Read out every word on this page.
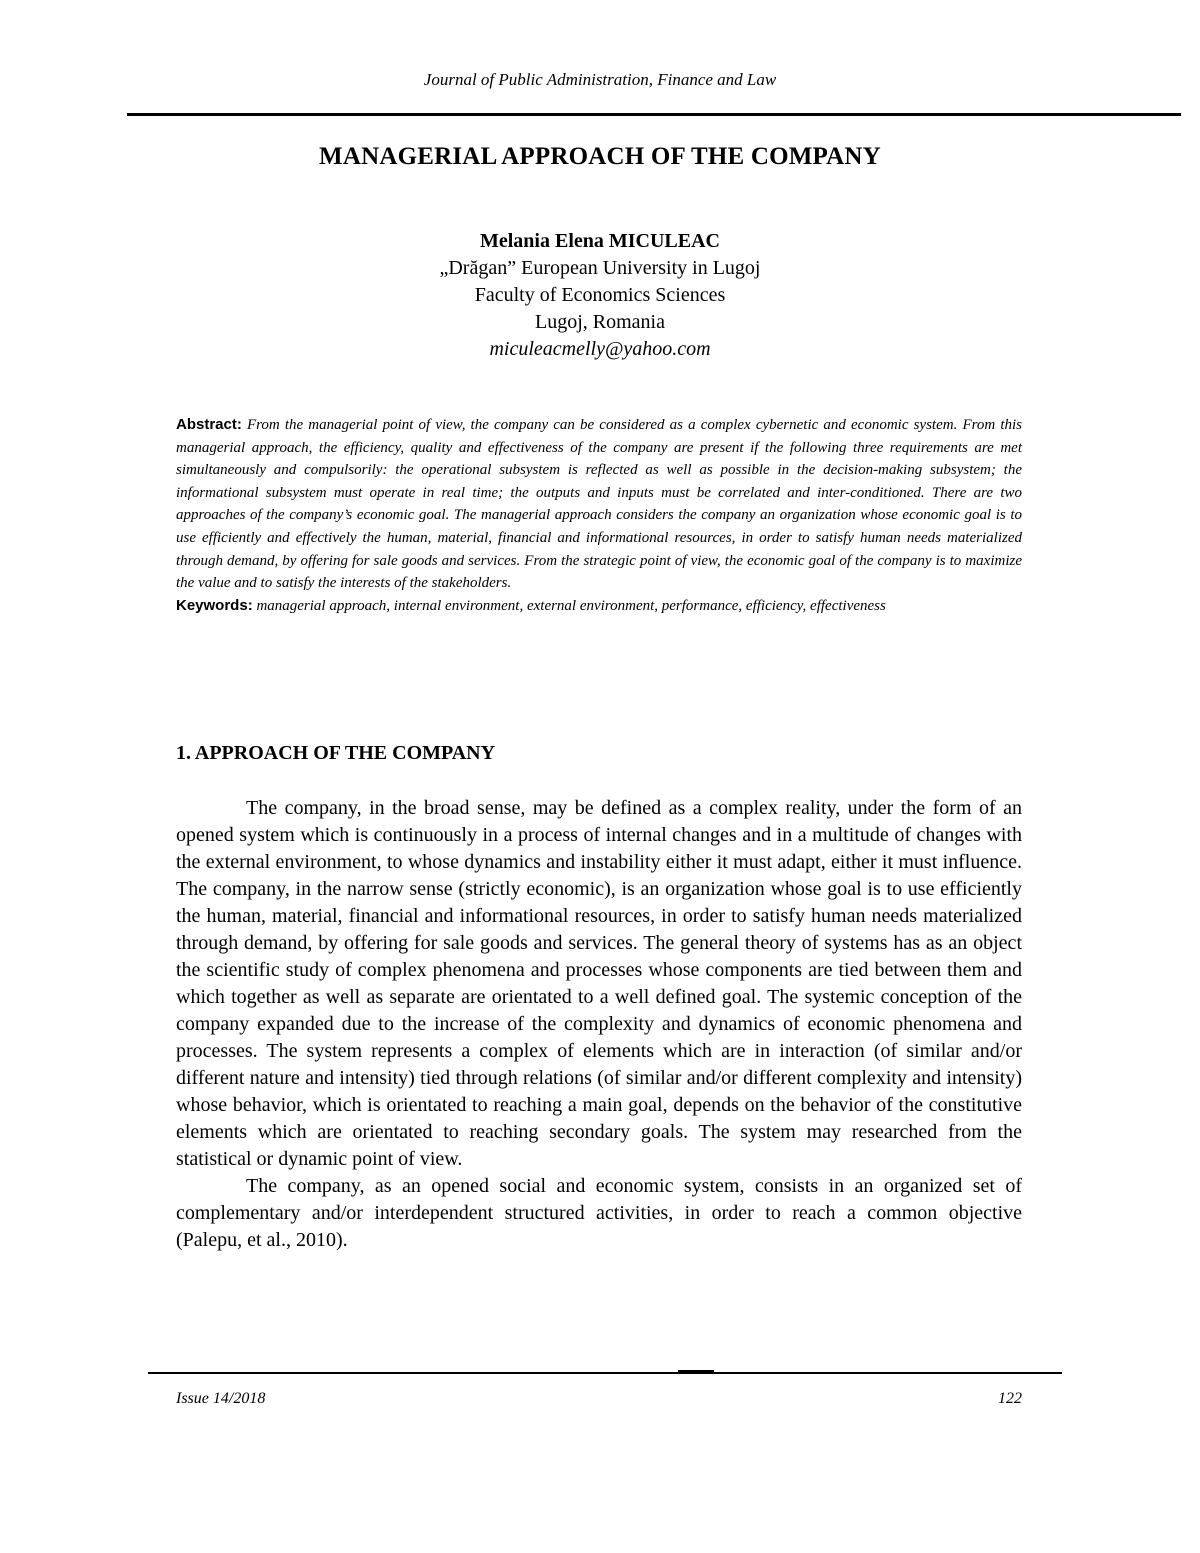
Journal of Public Administration, Finance and Law
MANAGERIAL APPROACH OF THE COMPANY
Melania Elena MICULEAC
„Drăgan” European University in Lugoj
Faculty of Economics Sciences
Lugoj, Romania
miculeacmelly@yahoo.com

Abstract: From the managerial point of view, the company can be considered as a complex cybernetic and economic system. From this managerial approach, the efficiency, quality and effectiveness of the company are present if the following three requirements are met simultaneously and compulsorily: the operational subsystem is reflected as well as possible in the decision-making subsystem; the informational subsystem must operate in real time; the outputs and inputs must be correlated and inter-conditioned. There are two approaches of the company’s economic goal. The managerial approach considers the company an organization whose economic goal is to use efficiently and effectively the human, material, financial and informational resources, in order to satisfy human needs materialized through demand, by offering for sale goods and services. From the strategic point of view, the economic goal of the company is to maximize the value and to satisfy the interests of the stakeholders.

Keywords: managerial approach, internal environment, external environment, performance, efficiency, effectiveness

1. APPROACH OF THE COMPANY

The company, in the broad sense, may be defined as a complex reality, under the form of an opened system which is continuously in a process of internal changes and in a multitude of changes with the external environment, to whose dynamics and instability either it must adapt, either it must influence. The company, in the narrow sense (strictly economic), is an organization whose goal is to use efficiently the human, material, financial and informational resources, in order to satisfy human needs materialized through demand, by offering for sale goods and services. The general theory of systems has as an object the scientific study of complex phenomena and processes whose components are tied between them and which together as well as separate are orientated to a well defined goal. The systemic conception of the company expanded due to the increase of the complexity and dynamics of economic phenomena and processes. The system represents a complex of elements which are in interaction (of similar and/or different nature and intensity) tied through relations (of similar and/or different complexity and intensity) whose behavior, which is orientated to reaching a main goal, depends on the behavior of the constitutive elements which are orientated to reaching secondary goals. The system may researched from the statistical or dynamic point of view.

The company, as an opened social and economic system, consists in an organized set of complementary and/or interdependent structured activities, in order to reach a common objective (Palepu, et al., 2010).

Issue 14/2018	122
